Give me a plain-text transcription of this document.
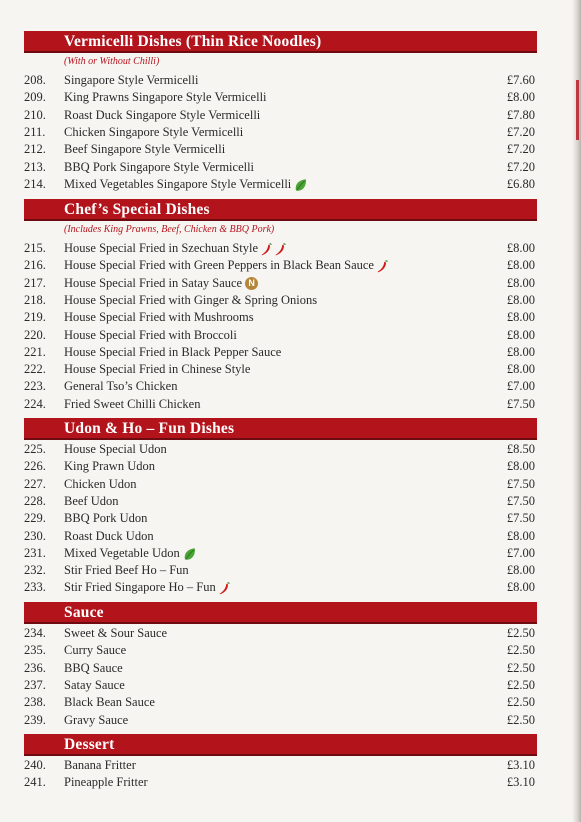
Vermicelli Dishes (Thin Rice Noodles)
(With or Without Chilli)
208. Singapore Style Vermicelli	£7.60
209. King Prawns Singapore Style Vermicelli	£8.00
210. Roast Duck Singapore Style Vermicelli	£7.80
211. Chicken Singapore Style Vermicelli	£7.20
212. Beef Singapore Style Vermicelli	£7.20
213. BBQ Pork Singapore Style Vermicelli	£7.20
214. Mixed Vegetables Singapore Style Vermicelli	£6.80
Chef’s Special Dishes
(Includes King Prawns, Beef, Chicken & BBQ Pork)
215. House Special Fried in Szechuan Style	£8.00
216. House Special Fried with Green Peppers in Black Bean Sauce	£8.00
217. House Special Fried in Satay Sauce N	£8.00
218. House Special Fried with Ginger & Spring Onions	£8.00
219. House Special Fried with Mushrooms	£8.00
220. House Special Fried with Broccoli	£8.00
221. House Special Fried in Black Pepper Sauce	£8.00
222. House Special Fried in Chinese Style	£8.00
223. General Tso’s Chicken	£7.00
224. Fried Sweet Chilli Chicken	£7.50
Udon & Ho – Fun Dishes
225. House Special Udon	£8.50
226. King Prawn Udon	£8.00
227. Chicken Udon	£7.50
228. Beef Udon	£7.50
229. BBQ Pork Udon	£7.50
230. Roast Duck Udon	£8.00
231. Mixed Vegetable Udon	£7.00
232. Stir Fried Beef Ho – Fun	£8.00
233. Stir Fried Singapore Ho – Fun	£8.00
Sauce
234. Sweet & Sour Sauce	£2.50
235. Curry Sauce	£2.50
236. BBQ Sauce	£2.50
237. Satay Sauce	£2.50
238. Black Bean Sauce	£2.50
239. Gravy Sauce	£2.50
Dessert
240. Banana Fritter	£3.10
241. Pineapple Fritter	£3.10
